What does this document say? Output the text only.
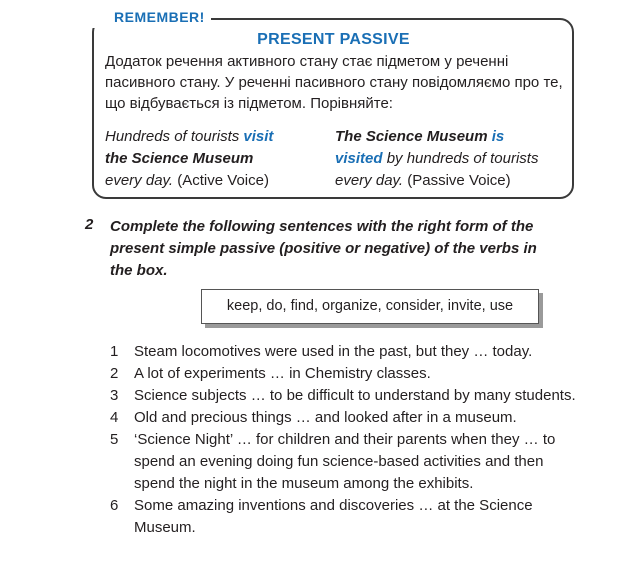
REMEMBER!
PRESENT PASSIVE
Додаток речення активного стану стає підметом у реченні пасивного стану. У реченні пасивного стану повідомляємо про те, що відбувається із підметом. Порівняйте:
Hundreds of tourists visit
the Science Museum
every day. (Active Voice)
The Science Museum is
visited by hundreds of tourists
every day. (Passive Voice)
2 Complete the following sentences with the right form of the present simple passive (positive or negative) of the verbs in the box.
keep, do, find, organize, consider, invite, use
1 Steam locomotives were used in the past, but they … today.
2 A lot of experiments … in Chemistry classes.
3 Science subjects … to be difficult to understand by many students.
4 Old and precious things … and looked after in a museum.
5 ‘Science Night’ … for children and their parents when they … to spend an evening doing fun science-based activities and then spend the night in the museum among the exhibits.
6 Some amazing inventions and discoveries … at the Science Museum.
